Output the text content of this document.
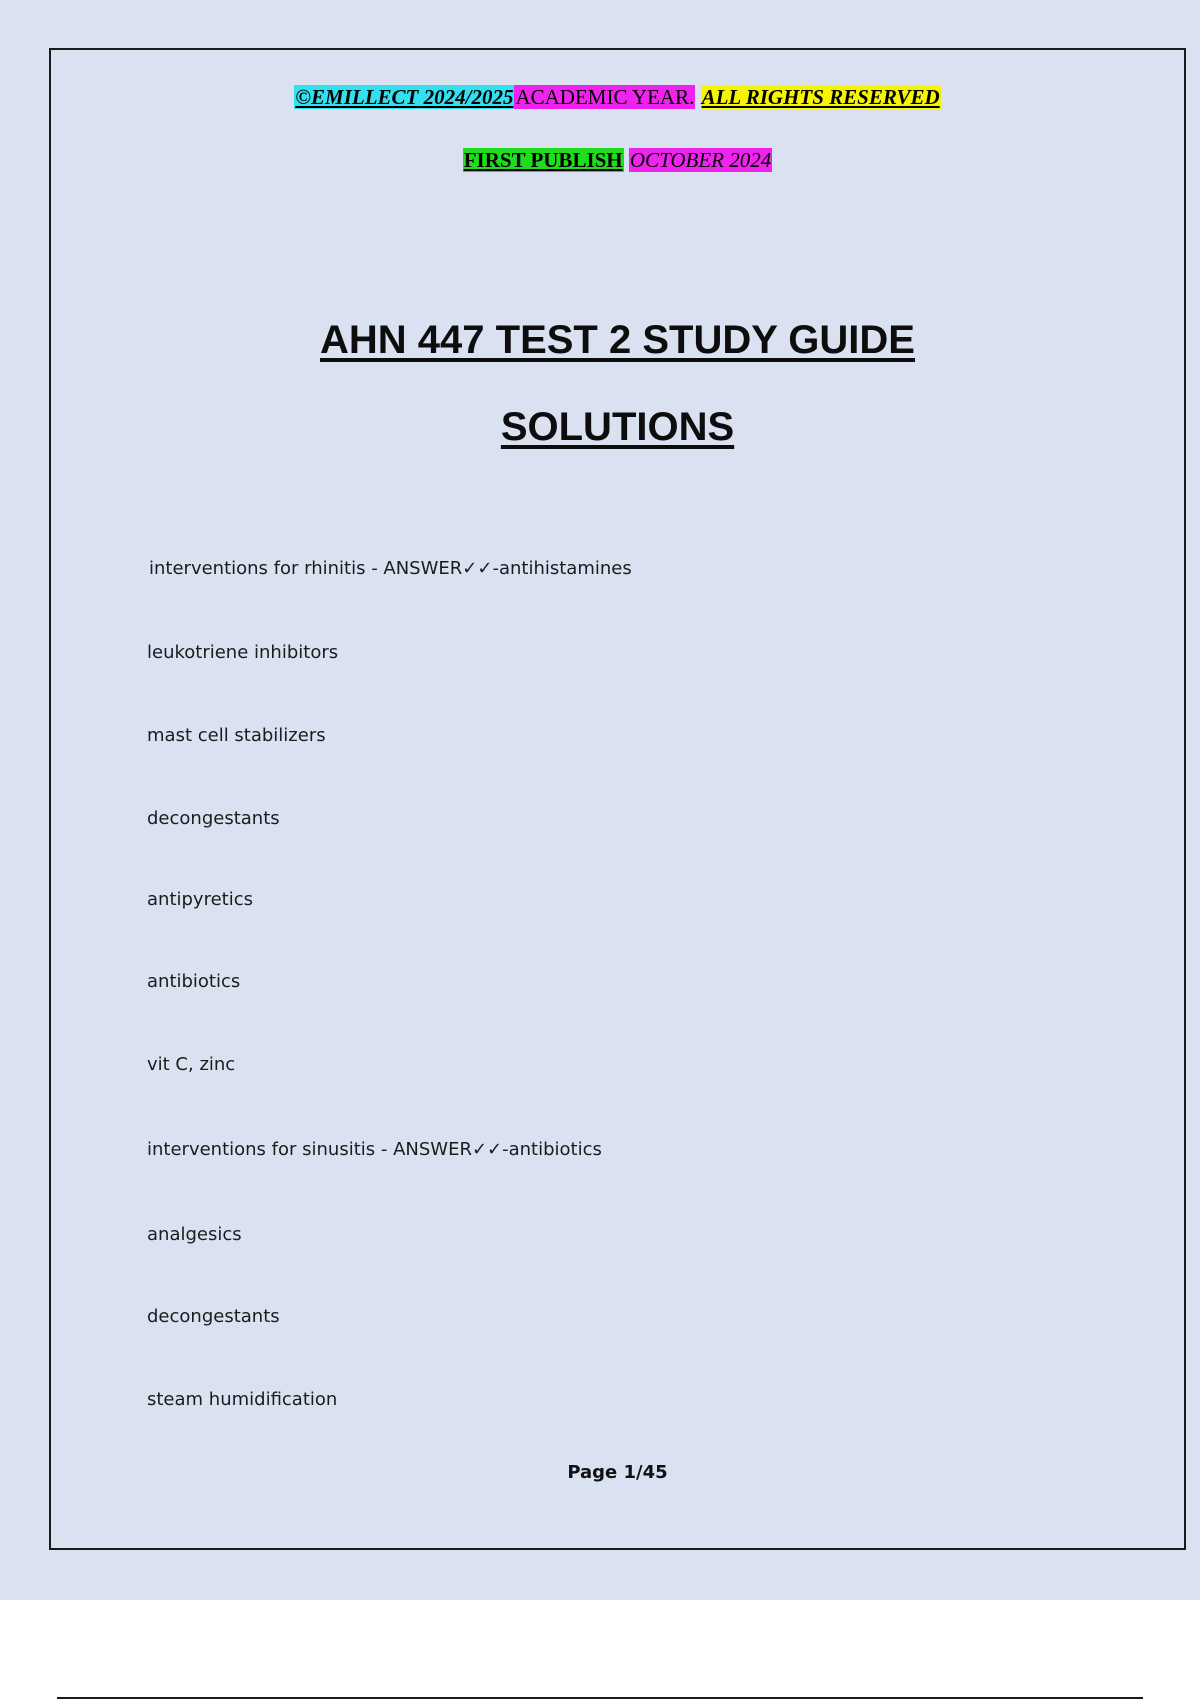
©EMILLECT 2024/2025ACADEMIC YEAR. ALL RIGHTS RESERVED
FIRST PUBLISH OCTOBER 2024
AHN 447 TEST 2 STUDY GUIDE
SOLUTIONS
interventions for rhinitis - ANSWER✓✓-antihistamines
leukotriene inhibitors
mast cell stabilizers
decongestants
antipyretics
antibiotics
vit C, zinc
interventions for sinusitis - ANSWER✓✓-antibiotics
analgesics
decongestants
steam humidification
Page 1/45
